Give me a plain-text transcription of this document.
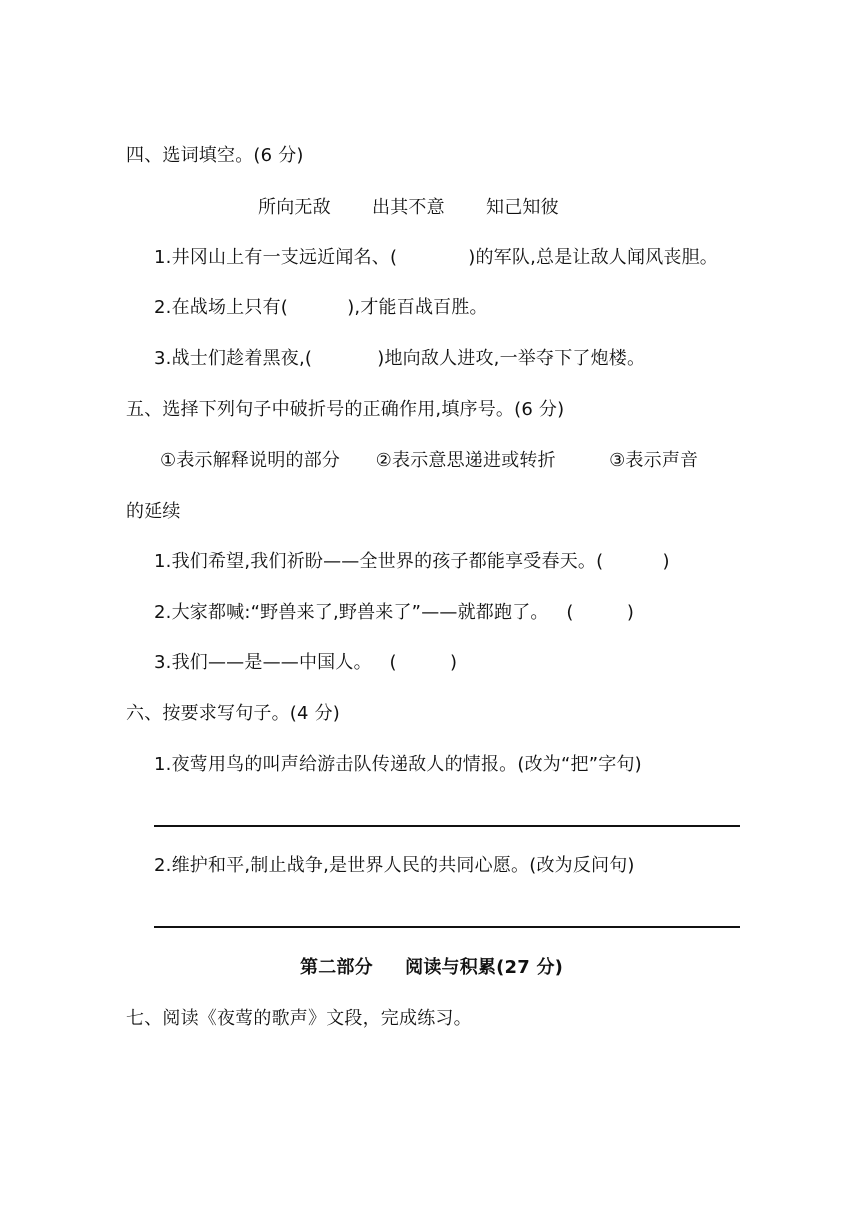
四、选词填空。(6 分)
所向无敌 出其不意 知己知彼
1.井冈山上有一支远近闻名、(            )的军队,总是让敌人闻风丧胆。
2.在战场上只有(          ),才能百战百胜。
3.战士们趁着黑夜,(           )地向敌人进攻,一举夺下了炮楼。
五、选择下列句子中破折号的正确作用,填序号。(6 分)
①表示解释说明的部分      ②表示意思递进或转折         ③表示声音
的延续
1.我们希望,我们祈盼——全世界的孩子都能享受春天。(          )
2.大家都喊:“野兽来了,野兽来了”——就都跑了。   (         )
3.我们——是——中国人。   (         )
六、按要求写句子。(4 分)
1.夜莺用鸟的叫声给游击队传递敌人的情报。(改为“把”字句)
2.维护和平,制止战争,是世界人民的共同心愿。(改为反问句)
第二部分     阅读与积累(27 分)
七、阅读《夜莺的歌声》文段，完成练习。
